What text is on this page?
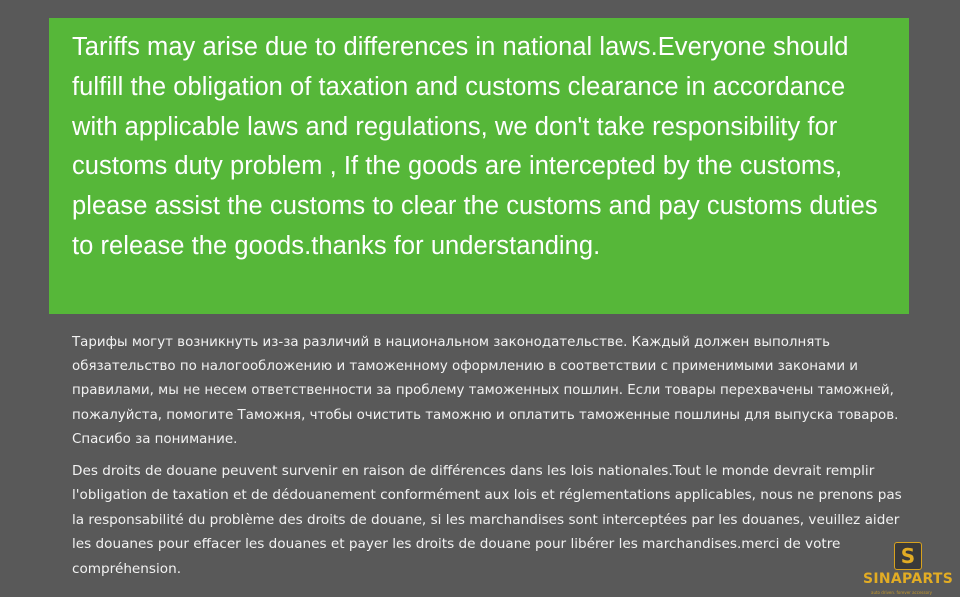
Tariffs may arise due to differences in national laws.Everyone should fulfill the obligation of taxation and customs clearance in accordance with applicable laws and regulations, we don't take responsibility for customs duty problem , If the goods are intercepted by the customs, please assist the customs to clear the customs and pay customs duties to release the goods.thanks for understanding.

Тарифы могут возникнуть из-за различий в национальном законодательстве. Каждый должен выполнять обязательство по налогообложению и таможенному оформлению в соответствии с применимыми законами и правилами, мы не несем ответственности за проблему таможенных пошлин. Если товары перехвачены таможней, пожалуйста, помогите Таможня, чтобы очистить таможню и оплатить таможенные пошлины для выпуска товаров. Спасибо за понимание.

Des droits de douane peuvent survenir en raison de différences dans les lois nationales.Tout le monde devrait remplir l'obligation de taxation et de dédouanement conformément aux lois et réglementations applicables, nous ne prenons pas la responsabilité du problème des droits de douane, si les marchandises sont interceptées par les douanes, veuillez aider les douanes pour effacer les douanes et payer les droits de douane pour libérer les marchandises.merci de votre compréhension.

S
SINAPARTS
auto driven. forever accessory
